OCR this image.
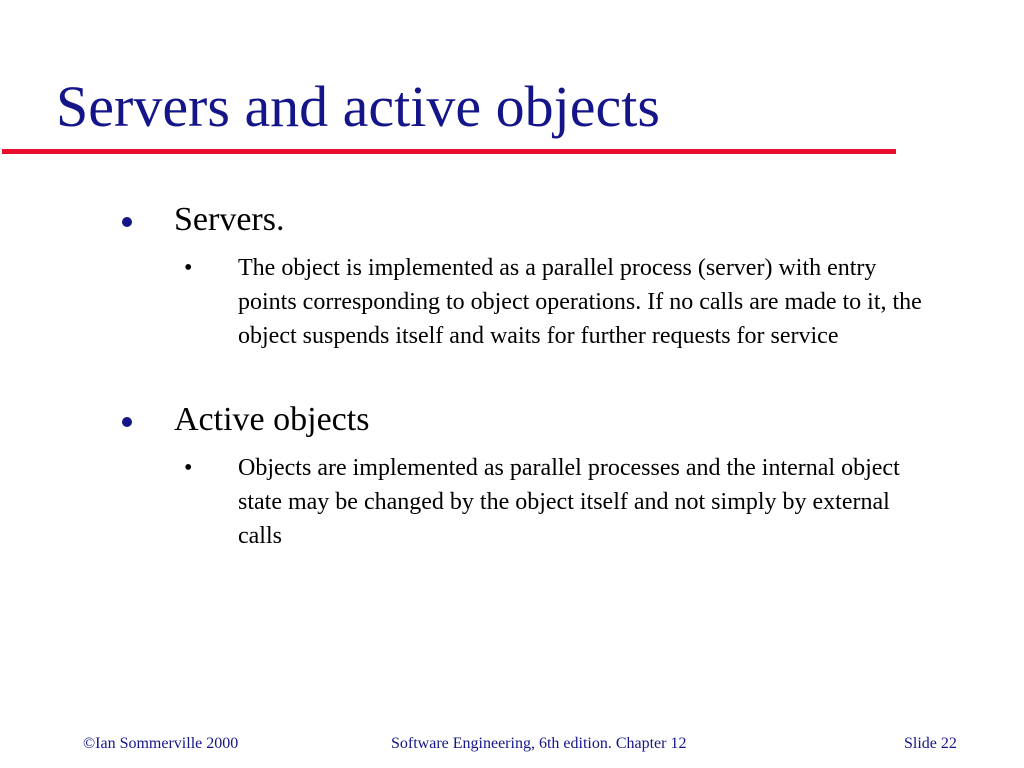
Servers and active objects
Servers.
• The object is implemented as a parallel process (server) with entry points corresponding to object operations. If no calls are made to it, the object suspends itself and waits for further requests for service
Active objects
• Objects are implemented as parallel processes and the internal object state may be changed by the object itself and not simply by external calls
©Ian Sommerville 2000	Software Engineering, 6th edition. Chapter 12	Slide 22
